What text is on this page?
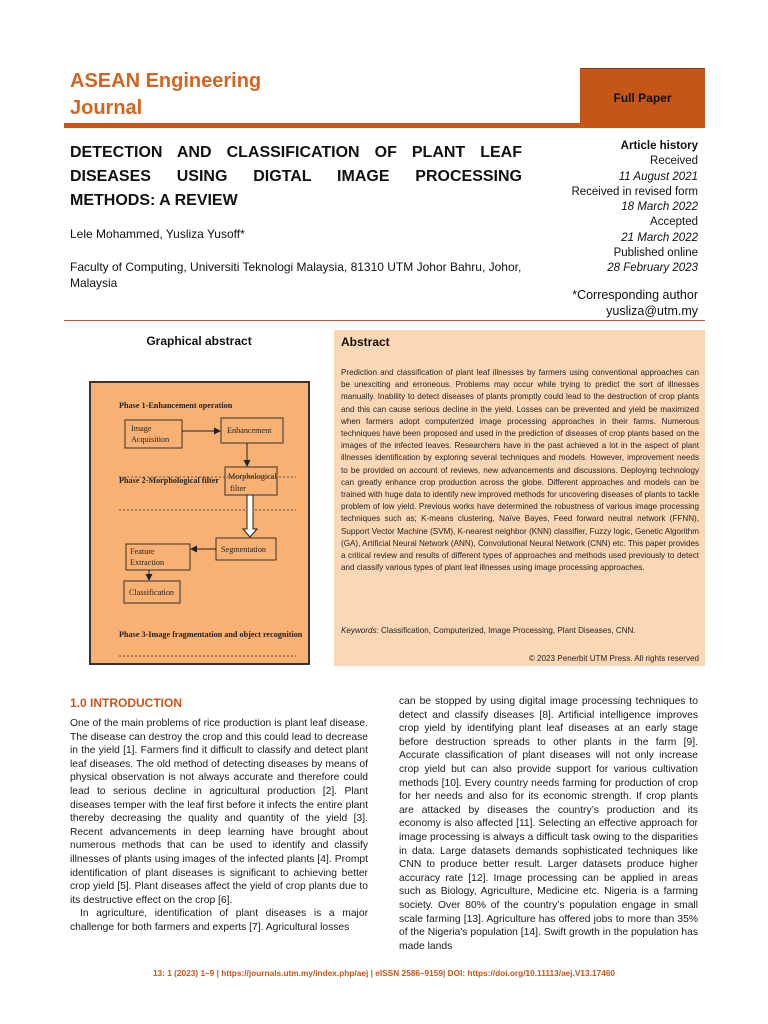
ASEAN Engineering Journal	Full Paper
DETECTION AND CLASSIFICATION OF PLANT LEAF DISEASES USING DIGTAL IMAGE PROCESSING METHODS: A REVIEW
Lele Mohammed, Yusliza Yusoff*
Faculty of Computing, Universiti Teknologi Malaysia, 81310 UTM Johor Bahru, Johor, Malaysia
Article history
Received
11 August 2021
Received in revised form
18 March 2022
Accepted
21 March 2022
Published online
28 February 2023
*Corresponding author
yusliza@utm.my
Graphical abstract
Phase 1-Enhancement operation
Phase 2-Morphological filter
Phase 3-Image fragmentation and object recognition
Image
Acquisition
Enhancement
Morphological
filter
Segmentation
Feature
Extraction
Classification
Abstract
Prediction and classification of plant leaf illnesses by farmers using conventional approaches can be unexciting and erroneous. Problems may occur while trying to predict the sort of illnesses manually. Inability to detect diseases of plants promptly could lead to the destruction of crop plants and this can cause serious decline in the yield. Losses can be prevented and yield be maximized when farmers adopt computerized image processing approaches in their farms. Numerous techniques have been proposed and used in the prediction of diseases of crop plants based on the images of the infected leaves. Researchers have in the past achieved a lot in the aspect of plant illnesses identification by exploring several techniques and models. However, improvement needs to be provided on account of reviews, new advancements and discussions. Deploying technology can greatly enhance crop production across the globe. Different approaches and models can be trained with huge data to identify new improved methods for uncovering diseases of plants to tackle problem of low yield. Previous works have determined the robustness of various image processing techniques such as; K-means clustering, Naïve Bayes, Feed forward neutral network (FFNN), Support Vector Machine (SVM), K-nearest neighbor (KNN) classifier, Fuzzy logic, Genetic Algorithm (GA), Artificial Neural Network (ANN), Convolutional Neural Network (CNN) etc. This paper provides a critical review and results of different types of approaches and methods used previously to detect and classify various types of plant leaf illnesses using image processing approaches.
Keywords: Classification, Computerized, Image Processing, Plant Diseases, CNN.
© 2023 Penerbit UTM Press. All rights reserved
1.0 INTRODUCTION

One of the main problems of rice production is plant leaf disease. The disease can destroy the crop and this could lead to decrease in the yield [1]. Farmers find it difficult to classify and detect plant leaf diseases. The old method of detecting diseases by means of physical observation is not always accurate and therefore could lead to serious decline in agricultural production [2]. Plant diseases temper with the leaf first before it infects the entire plant thereby decreasing the quality and quantity of the yield [3]. Recent advancements in deep learning have brought about numerous methods that can be used to identify and classify illnesses of plants using images of the infected plants [4]. Prompt identification of plant diseases is significant to achieving better crop yield [5]. Plant diseases affect the yield of crop plants due to its destructive effect on the crop [6].

In agriculture, identification of plant diseases is a major challenge for both farmers and experts [7]. Agricultural losses

can be stopped by using digital image processing techniques to detect and classify diseases [8]. Artificial intelligence improves crop yield by identifying plant leaf diseases at an early stage before destruction spreads to other plants in the farm [9]. Accurate classification of plant diseases will not only increase crop yield but can also provide support for various cultivation methods [10]. Every country needs farming for production of crop for her needs and also for its economic strength. If crop plants are attacked by diseases the country’s production and its economy is also affected [11]. Selecting an effective approach for image processing is always a difficult task owing to the disparities in data. Large datasets demands sophisticated techniques like CNN to produce better result. Larger datasets produce higher accuracy rate [12]. Image processing can be applied in areas such as Biology, Agriculture, Medicine etc. Nigeria is a farming society. Over 80% of the country’s population engage in small scale farming [13]. Agriculture has offered jobs to more than 35% of the Nigeria's population [14]. Swift growth in the population has made lands

13: 1 (2023) 1–9 | https://journals.utm.my/index.php/aej | eISSN 2586–9159| DOI: https://doi.org/10.11113/aej.V13.17460
